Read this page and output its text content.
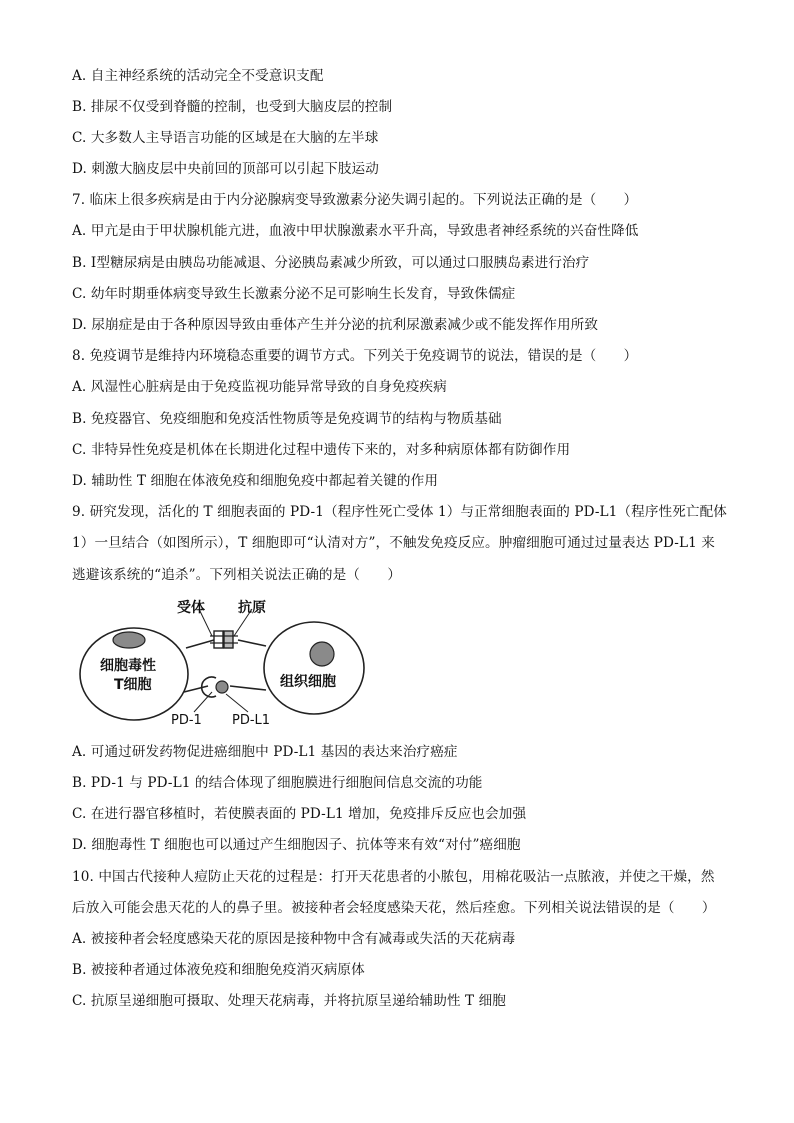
A. 自主神经系统的活动完全不受意识支配
B. 排尿不仅受到脊髓的控制，也受到大脑皮层的控制
C. 大多数人主导语言功能的区域是在大脑的左半球
D. 刺激大脑皮层中央前回的顶部可以引起下肢运动
7. 临床上很多疾病是由于内分泌腺病变导致激素分泌失调引起的。下列说法正确的是（　　）
A. 甲亢是由于甲状腺机能亢进，血液中甲状腺激素水平升高，导致患者神经系统的兴奋性降低
B. Ⅰ型糖尿病是由胰岛功能减退、分泌胰岛素减少所致，可以通过口服胰岛素进行治疗
C. 幼年时期垂体病变导致生长激素分泌不足可影响生长发育，导致侏儒症
D. 尿崩症是由于各种原因导致由垂体产生并分泌的抗利尿激素减少或不能发挥作用所致
8. 免疫调节是维持内环境稳态重要的调节方式。下列关于免疫调节的说法，错误的是（　　）
A. 风湿性心脏病是由于免疫监视功能异常导致的自身免疫疾病
B. 免疫器官、免疫细胞和免疫活性物质等是免疫调节的结构与物质基础
C. 非特异性免疫是机体在长期进化过程中遗传下来的，对多种病原体都有防御作用
D. 辅助性 T 细胞在体液免疫和细胞免疫中都起着关键的作用
9. 研究发现，活化的 T 细胞表面的 PD-1（程序性死亡受体 1）与正常细胞表面的 PD-L1（程序性死亡配体
1）一旦结合（如图所示），T 细胞即可“认清对方”，不触发免疫反应。肿瘤细胞可通过过量表达 PD-L1 来
逃避该系统的“追杀”。下列相关说法正确的是（　　）
受体 抗原
细胞毒性
T细胞	组织细胞
PD-1 PD-L1
A. 可通过研发药物促进癌细胞中 PD-L1 基因的表达来治疗癌症
B. PD-1 与 PD-L1 的结合体现了细胞膜进行细胞间信息交流的功能
C. 在进行器官移植时，若使膜表面的 PD-L1 增加，免疫排斥反应也会加强
D. 细胞毒性 T 细胞也可以通过产生细胞因子、抗体等来有效“对付”癌细胞
10. 中国古代接种人痘防止天花的过程是：打开天花患者的小脓包，用棉花吸沾一点脓液，并使之干燥，然
后放入可能会患天花的人的鼻子里。被接种者会轻度感染天花，然后痊愈。下列相关说法错误的是（　　）
A. 被接种者会轻度感染天花的原因是接种物中含有减毒或失活的天花病毒
B. 被接种者通过体液免疫和细胞免疫消灭病原体
C. 抗原呈递细胞可摄取、处理天花病毒，并将抗原呈递给辅助性 T 细胞
